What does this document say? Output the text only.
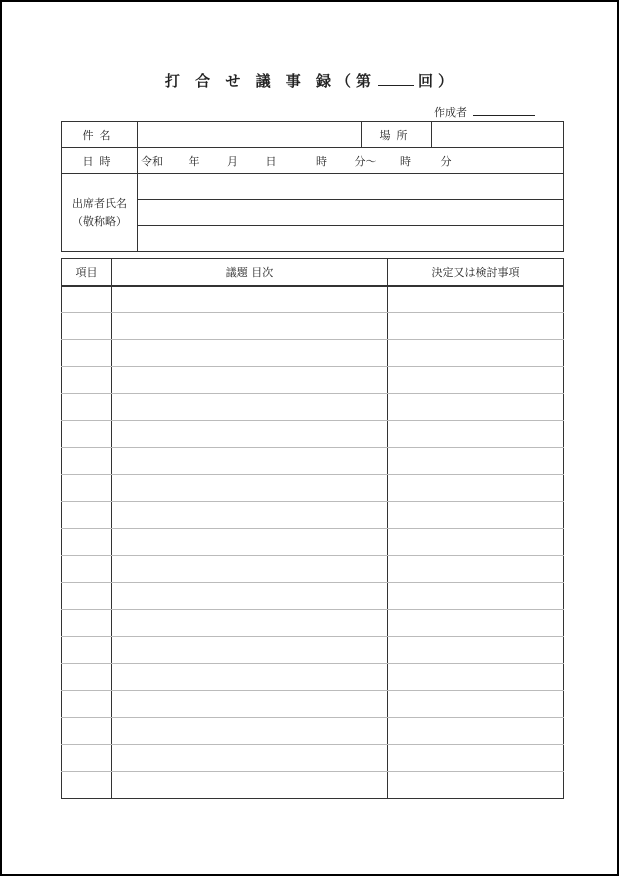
打 合 せ 議 事 録（第	回）
作成者
件名		場所	
日時	令和 年 月 日 時 分〜 時 分		

出席者氏名
（敬称略）			

項目	議題 目次	決定又は検討事項
